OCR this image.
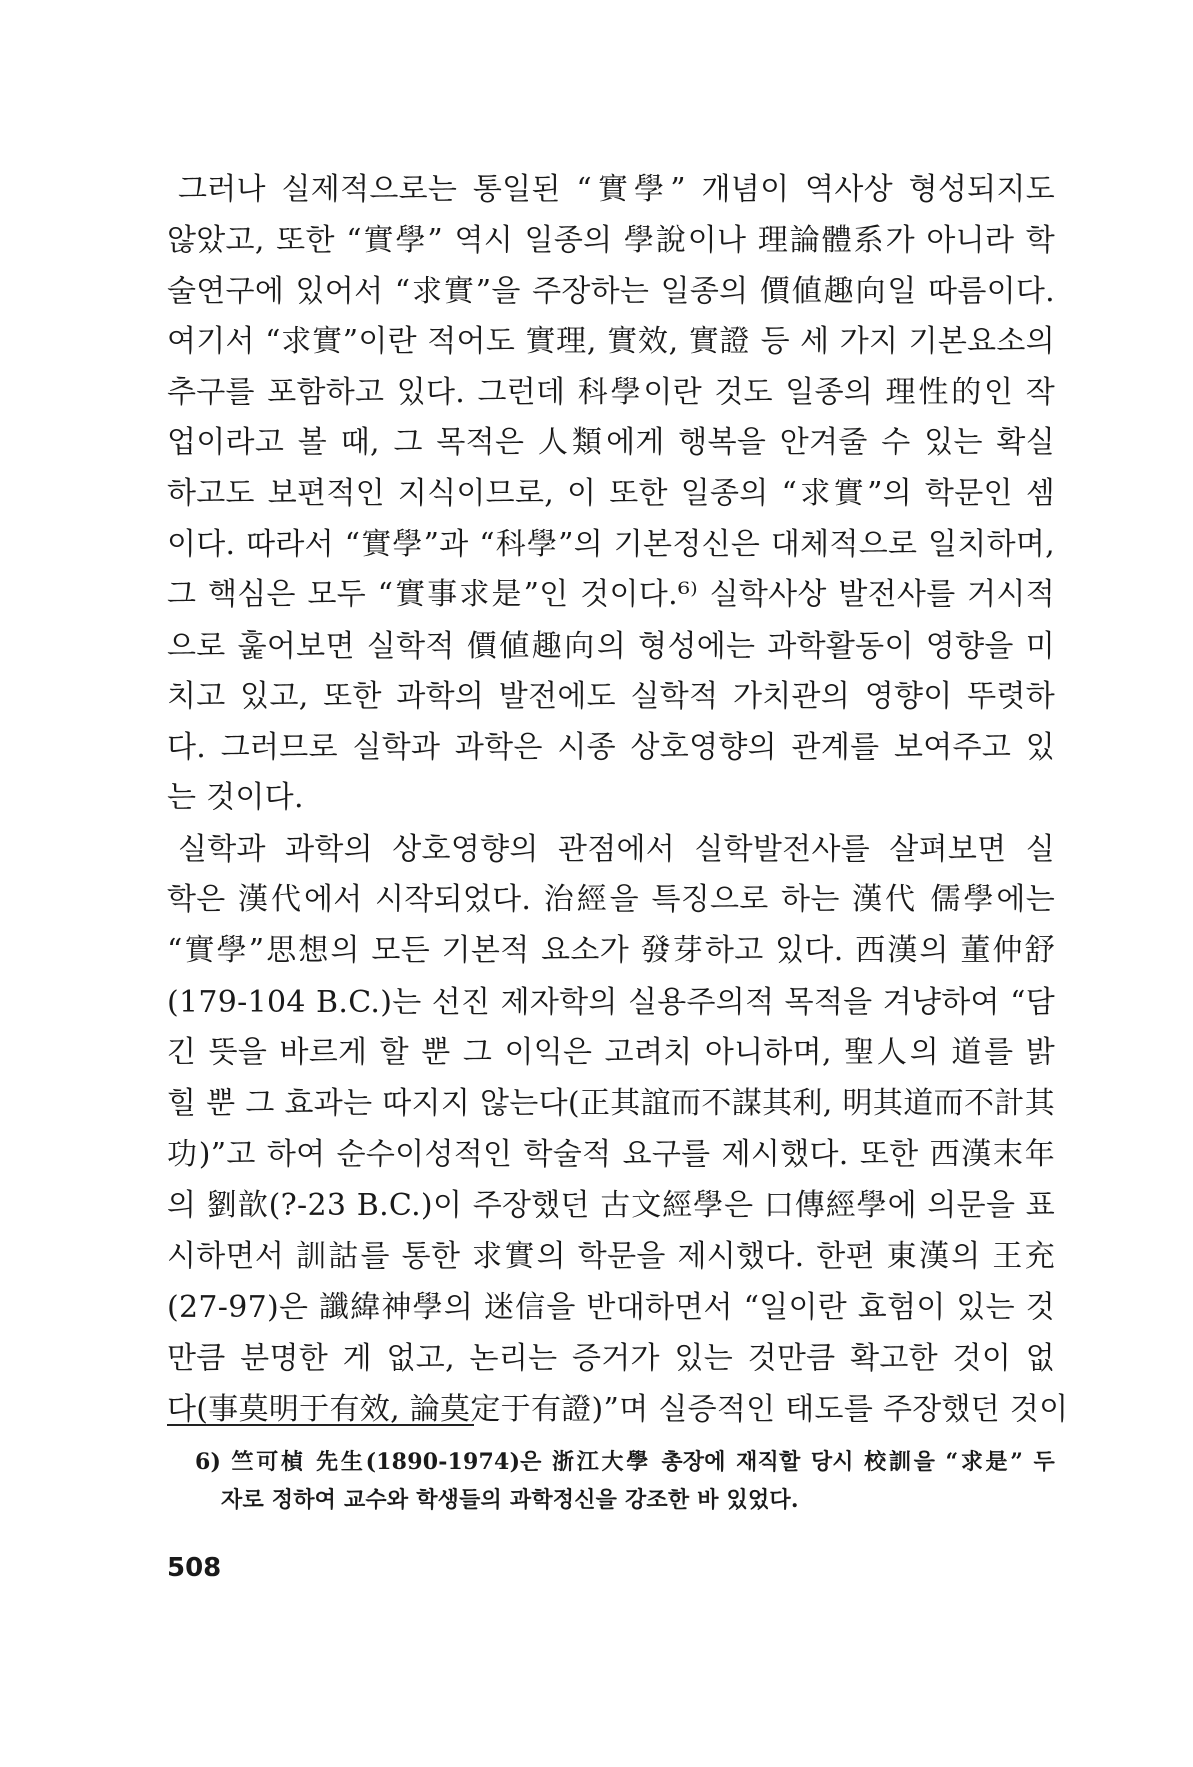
그러나 실제적으로는 통일된 “實學” 개념이 역사상 형성되지도
않았고, 또한 “實學” 역시 일종의 學說이나 理論體系가 아니라 학
술연구에 있어서 “求實”을 주장하는 일종의 價値趣向일 따름이다.
여기서 “求實”이란 적어도 實理, 實效, 實證 등 세 가지 기본요소의
추구를 포함하고 있다. 그런데 科學이란 것도 일종의 理性的인 작
업이라고 볼 때, 그 목적은 人類에게 행복을 안겨줄 수 있는 확실
하고도 보편적인 지식이므로, 이 또한 일종의 “求實”의 학문인 셈
이다. 따라서 “實學”과 “科學”의 기본정신은 대체적으로 일치하며,
그 핵심은 모두 “實事求是”인 것이다.⁶⁾ 실학사상 발전사를 거시적
으로 훑어보면 실학적 價値趣向의 형성에는 과학활동이 영향을 미
치고 있고, 또한 과학의 발전에도 실학적 가치관의 영향이 뚜렷하
다. 그러므로 실학과 과학은 시종 상호영향의 관계를 보여주고 있
는 것이다.
실학과 과학의 상호영향의 관점에서 실학발전사를 살펴보면 실
학은 漢代에서 시작되었다. 治經을 특징으로 하는 漢代 儒學에는
“實學”思想의 모든 기본적 요소가 發芽하고 있다. 西漢의 董仲舒
(179-104 B.C.)는 선진 제자학의 실용주의적 목적을 겨냥하여 “담
긴 뜻을 바르게 할 뿐 그 이익은 고려치 아니하며, 聖人의 道를 밝
힐 뿐 그 효과는 따지지 않는다(正其誼而不謀其利, 明其道而不計其
功)”고 하여 순수이성적인 학술적 요구를 제시했다. 또한 西漢末年
의 劉歆(?-23 B.C.)이 주장했던 古文經學은 口傳經學에 의문을 표
시하면서 訓詁를 통한 求實의 학문을 제시했다. 한편 東漢의 王充
(27-97)은 讖緯神學의 迷信을 반대하면서 “일이란 효험이 있는 것
만큼 분명한 게 없고, 논리는 증거가 있는 것만큼 확고한 것이 없
다(事莫明于有效, 論莫定于有證)”며 실증적인 태도를 주장했던 것이
6) 竺可楨 先生(1890-1974)은 浙江大學 총장에 재직할 당시 校訓을 “求是” 두
자로 정하여 교수와 학생들의 과학정신을 강조한 바 있었다.
508
